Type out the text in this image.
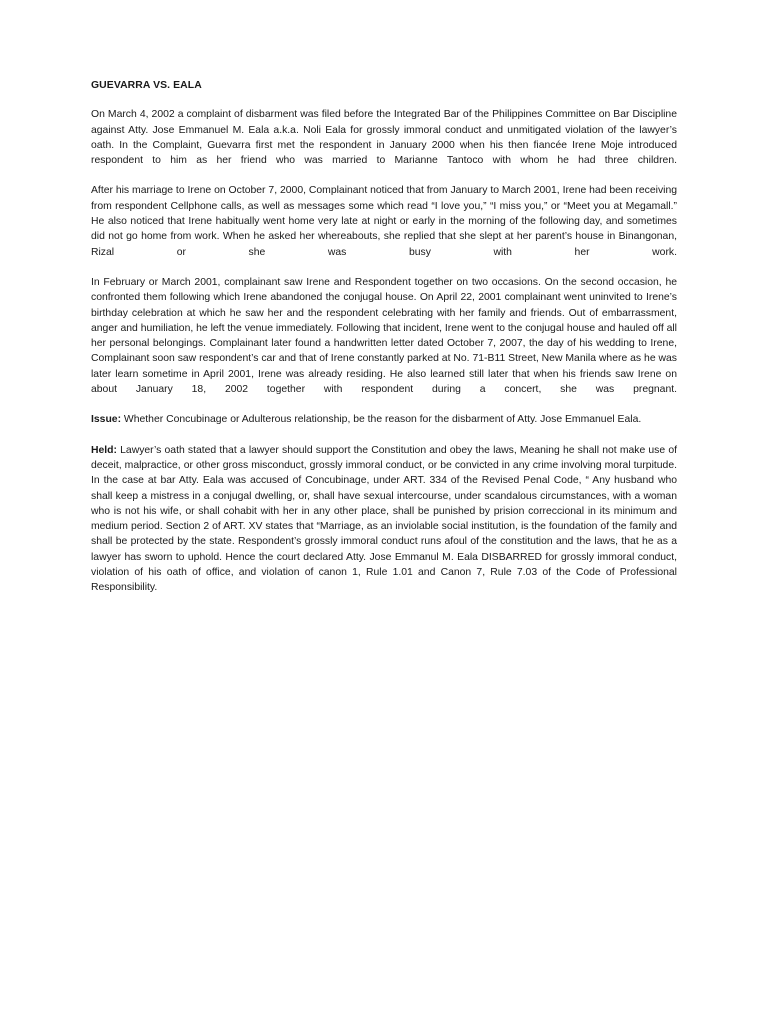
GUEVARRA VS. EALA

On March 4, 2002 a complaint of disbarment was filed before the Integrated Bar of the Philippines Committee on Bar Discipline against Atty. Jose Emmanuel M. Eala a.k.a. Noli Eala for grossly immoral conduct and unmitigated violation of the lawyer’s oath. In the Complaint, Guevarra first met the respondent in January 2000 when his then fiancée Irene Moje introduced respondent to him as her friend who was married to Marianne Tantoco with whom he had three children.

After his marriage to Irene on October 7, 2000, Complainant noticed that from January to March 2001, Irene had been receiving from respondent Cellphone calls, as well as messages some which read “I love you,” “I miss you,” or “Meet you at Megamall.” He also noticed that Irene habitually went home very late at night or early in the morning of the following day, and sometimes did not go home from work. When he asked her whereabouts, she replied that she slept at her parent’s house in Binangonan, Rizal or she was busy with her work.

In February or March 2001, complainant saw Irene and Respondent together on two occasions. On the second occasion, he confronted them following which Irene abandoned the conjugal house. On April 22, 2001 complainant went uninvited to Irene’s birthday celebration at which he saw her and the respondent celebrating with her family and friends. Out of embarrassment, anger and humiliation, he left the venue immediately. Following that incident, Irene went to the conjugal house and hauled off all her personal belongings. Complainant later found a handwritten letter dated October 7, 2007, the day of his wedding to Irene, Complainant soon saw respondent’s car and that of Irene constantly parked at No. 71-B11 Street, New Manila where as he was later learn sometime in April 2001, Irene was already residing. He also learned still later that when his friends saw Irene on about January 18, 2002 together with respondent during a concert, she was pregnant.

Issue: Whether Concubinage or Adulterous relationship, be the reason for the disbarment of Atty. Jose Emmanuel Eala.

Held: Lawyer’s oath stated that a lawyer should support the Constitution and obey the laws, Meaning he shall not make use of deceit, malpractice, or other gross misconduct, grossly immoral conduct, or be convicted in any crime involving moral turpitude. In the case at bar Atty. Eala was accused of Concubinage, under ART. 334 of the Revised Penal Code, “ Any husband who shall keep a mistress in a conjugal dwelling, or, shall have sexual intercourse, under scandalous circumstances, with a woman who is not his wife, or shall cohabit with her in any other place, shall be punished by prision correccional in its minimum and medium period. Section 2 of ART. XV states that “Marriage, as an inviolable social institution, is the foundation of the family and shall be protected by the state. Respondent’s grossly immoral conduct runs afoul of the constitution and the laws, that he as a lawyer has sworn to uphold. Hence the court declared Atty. Jose Emmanul M. Eala DISBARRED for grossly immoral conduct, violation of his oath of office, and violation of canon 1, Rule 1.01 and Canon 7, Rule 7.03 of the Code of Professional Responsibility.
